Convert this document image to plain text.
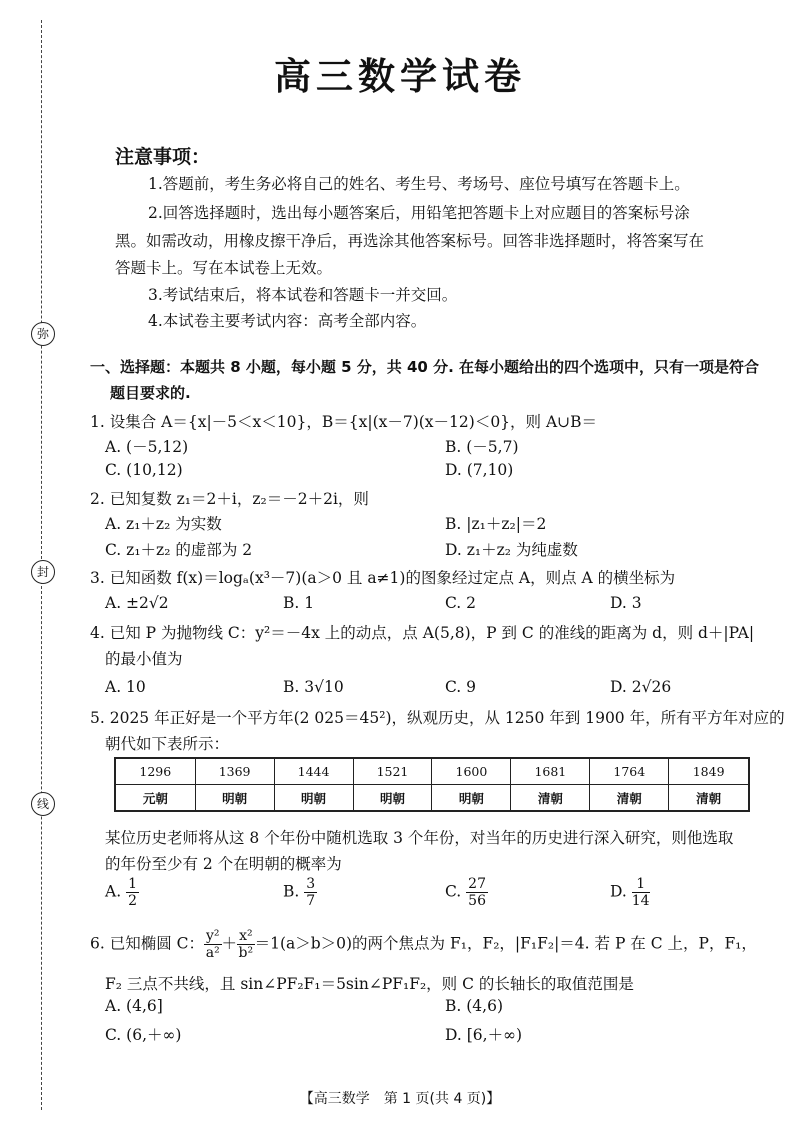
弥
封
线
高三数学试卷
注意事项：
1.答题前，考生务必将自己的姓名、考生号、考场号、座位号填写在答题卡上。
2.回答选择题时，选出每小题答案后，用铅笔把答题卡上对应题目的答案标号涂
黑。如需改动，用橡皮擦干净后，再选涂其他答案标号。回答非选择题时，将答案写在
答题卡上。写在本试卷上无效。
3.考试结束后，将本试卷和答题卡一并交回。
4.本试卷主要考试内容：高考全部内容。
一、选择题：本题共 8 小题，每小题 5 分，共 40 分. 在每小题给出的四个选项中，只有一项是符合
题目要求的.
1. 设集合 A＝{x|－5＜x＜10}，B＝{x|(x－7)(x－12)＜0}，则 A∪B＝
A. (－5,12)	B. (－5,7)
C. (10,12)	D. (7,10)
2. 已知复数 z₁＝2＋i，z₂＝－2＋2i，则
A. z₁＋z₂ 为实数	B. |z₁＋z₂|＝2
C. z₁＋z₂ 的虚部为 2	D. z₁＋z₂ 为纯虚数
3. 已知函数 f(x)＝logₐ(x³－7)(a＞0 且 a≠1)的图象经过定点 A，则点 A 的横坐标为
A. ±2√2	B. 1	C. 2	D. 3
4. 已知 P 为抛物线 C：y²＝－4x 上的动点，点 A(5,8)，P 到 C 的准线的距离为 d，则 d＋|PA|
的最小值为
A. 10	B. 3√10	C. 9	D. 2√26
5. 2025 年正好是一个平方年(2 025＝45²)，纵观历史，从 1250 年到 1900 年，所有平方年对应的
朝代如下表所示：
1296	1369	1444	1521	1600	1681	1764	1849
元朝	明朝	明朝	明朝	明朝	清朝	清朝	清朝
某位历史老师将从这 8 个年份中随机选取 3 个年份，对当年的历史进行深入研究，则他选取
的年份至少有 2 个在明朝的概率为
A. $\frac{1}{2}$	B. $\frac{3}{7}$	C. $\frac{27}{56}$	D. $\frac{1}{14}$
6. 已知椭圆 C： $\frac{\text{y²}}{\text{a²}} + \frac{\text{x²}}{\text{b²}} =1(a>b>0)$的两个焦点为 F₁，F₂，|F₁F₂|＝4. 若 P 在 C 上，P，F₁，
F₂ 三点不共线，且 sin∠PF₂F₁＝5sin∠PF₁F₂，则 C 的长轴长的取值范围是
A. (4,6]	B. (4,6)
C. (6,＋∞)	D. [6,＋∞)
【高三数学　第 1 页(共 4 页)】
